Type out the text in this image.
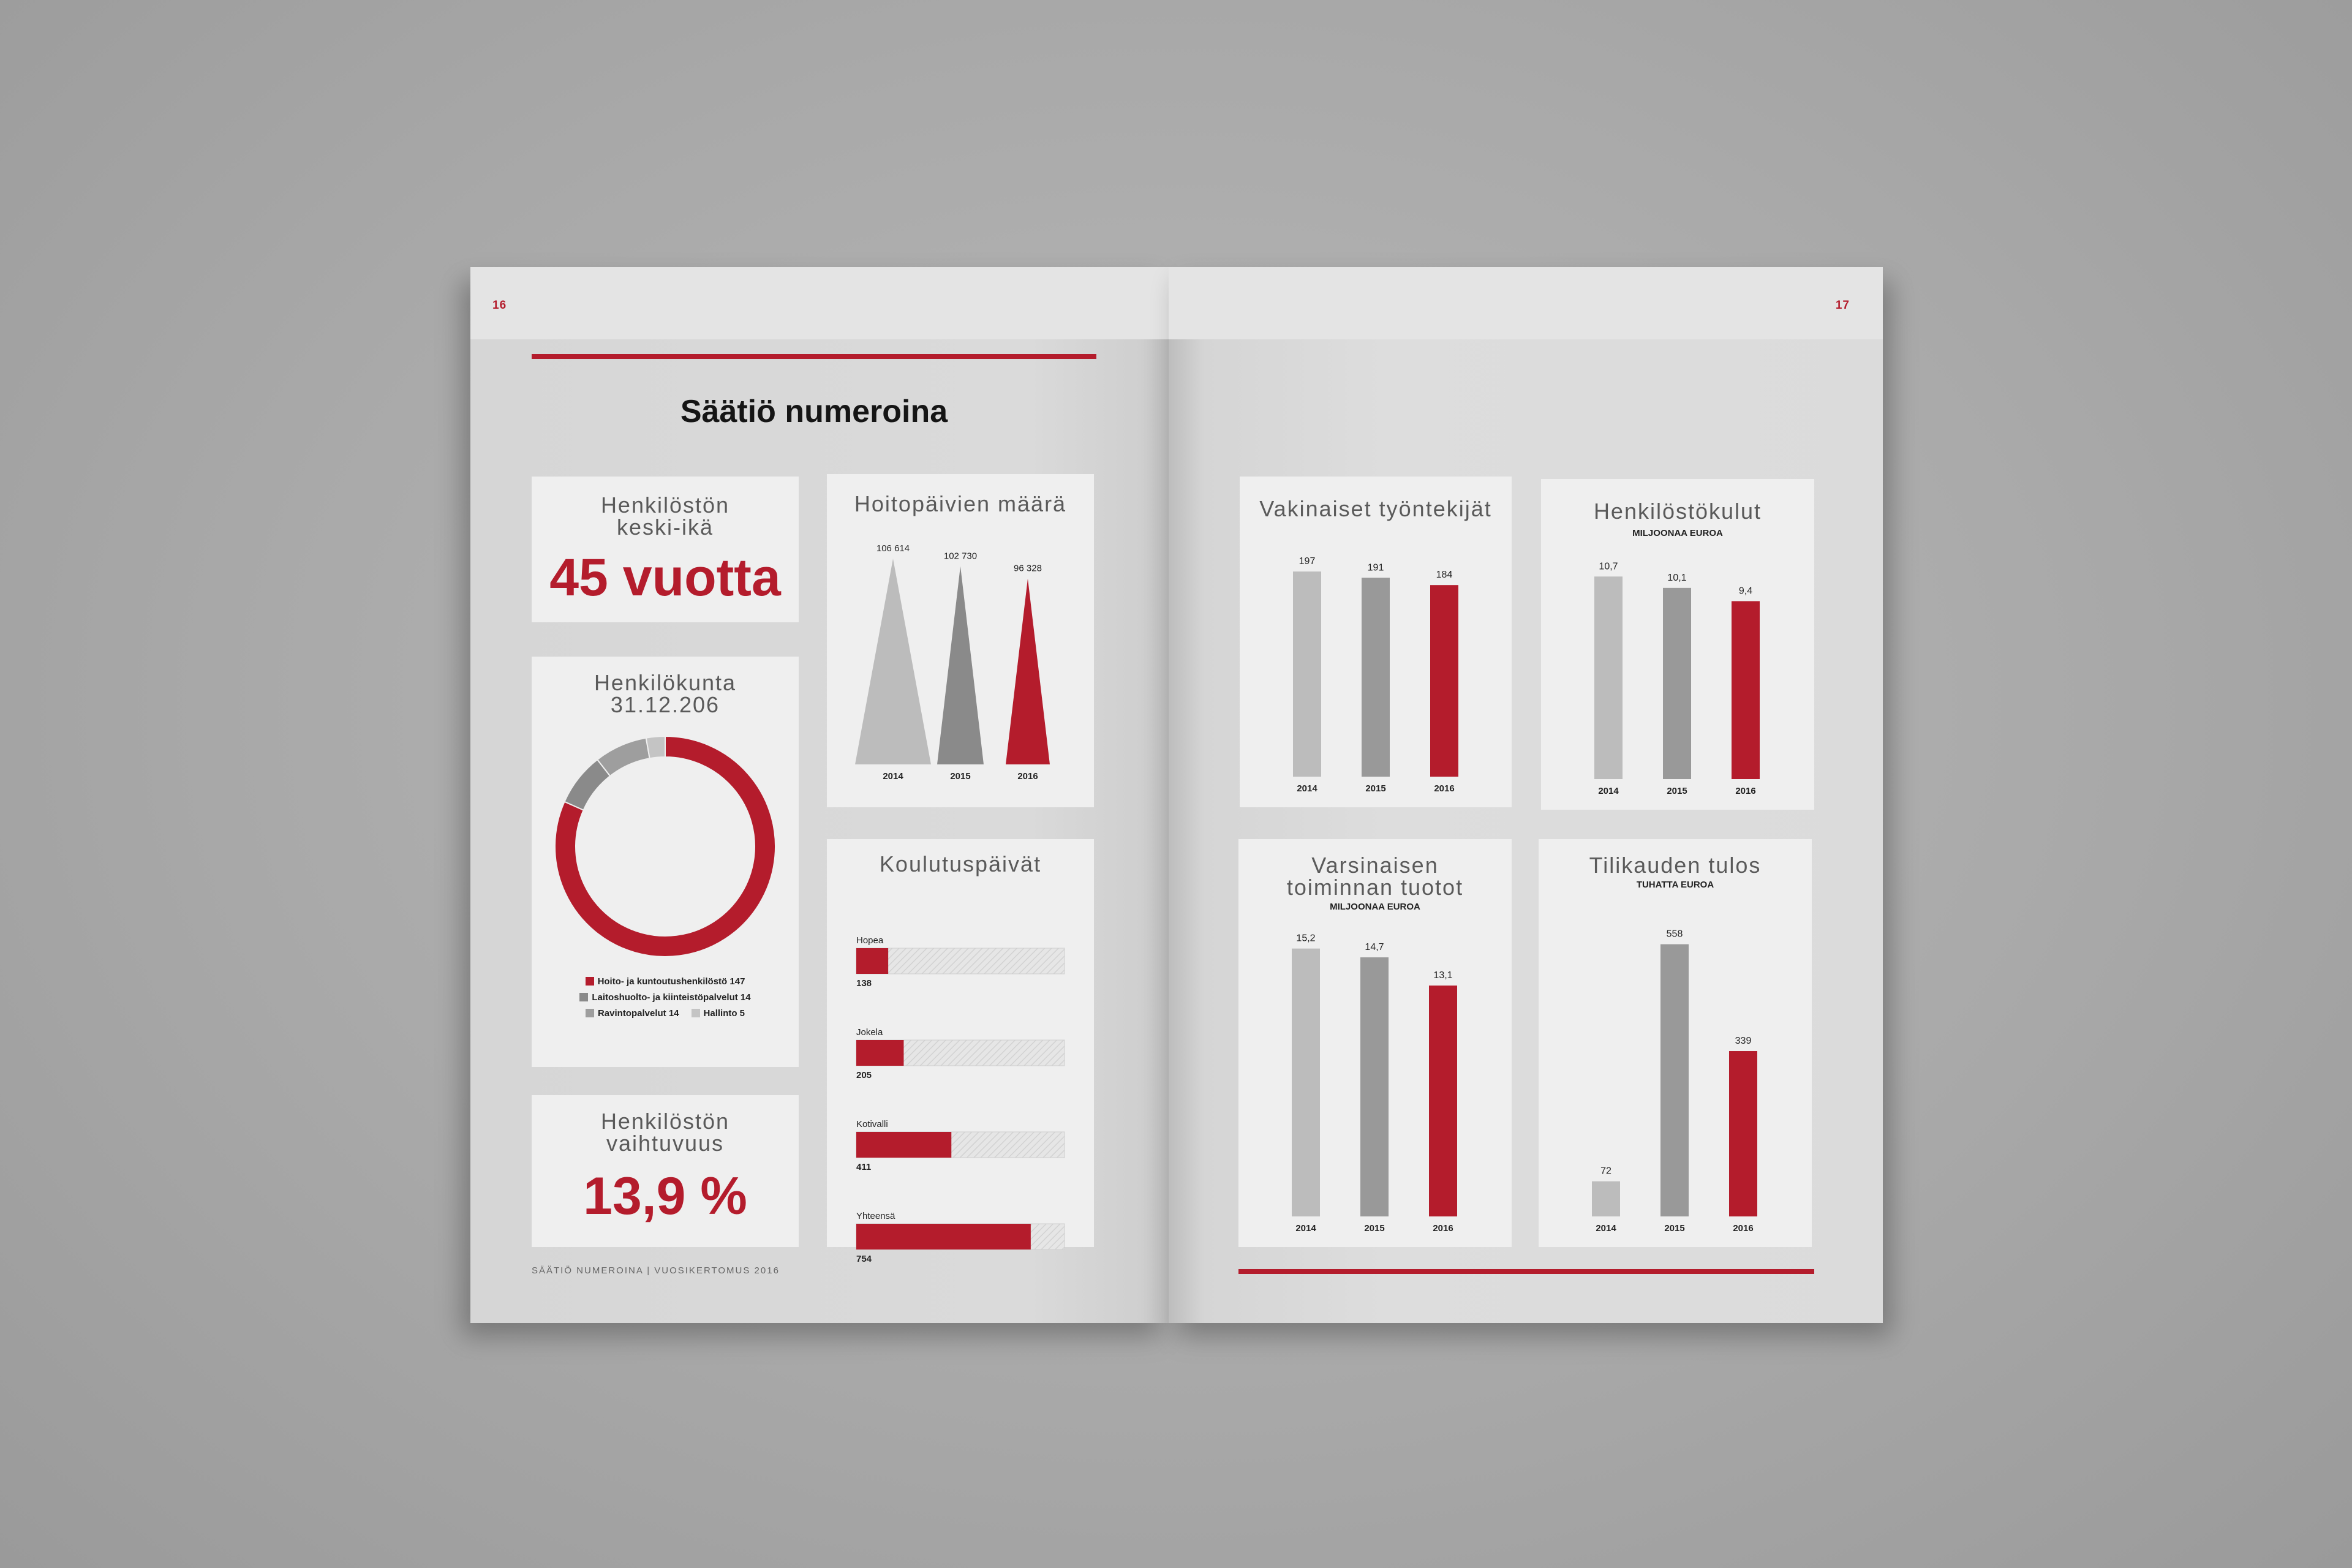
16
Säätiö numeroina
Henkilöstön
keski-ikä
45 vuotta
Henkilökunta
31.12.206
Hoito- ja kuntoutushenkilöstö 147
Laitoshuolto- ja kiinteistöpalvelut 14
Ravintopalvelut 14	Hallinto 5
Henkilöstön
vaihtuvuus
13,9 %
Hoitopäivien määrä
106 614
2014
102 730
2015
96 328
2016
Koulutuspäivät
Hopea
138
Jokela
205
Kotivalli
411
Yhteensä
754
SÄÄTIÖ NUMEROINA | VUOSIKERTOMUS 2016
17
Vakinaiset työntekijät
197
2014
191
2015
184
2016
Henkilöstökulut
MILJOONAA EUROA
10,7
2014
10,1
2015
9,4
2016
Varsinaisen
toiminnan tuotot
MILJOONAA EUROA
15,2
2014
14,7
2015
13,1
2016
Tilikauden tulos
TUHATTA EUROA
72
2014
558
2015
339
2016
